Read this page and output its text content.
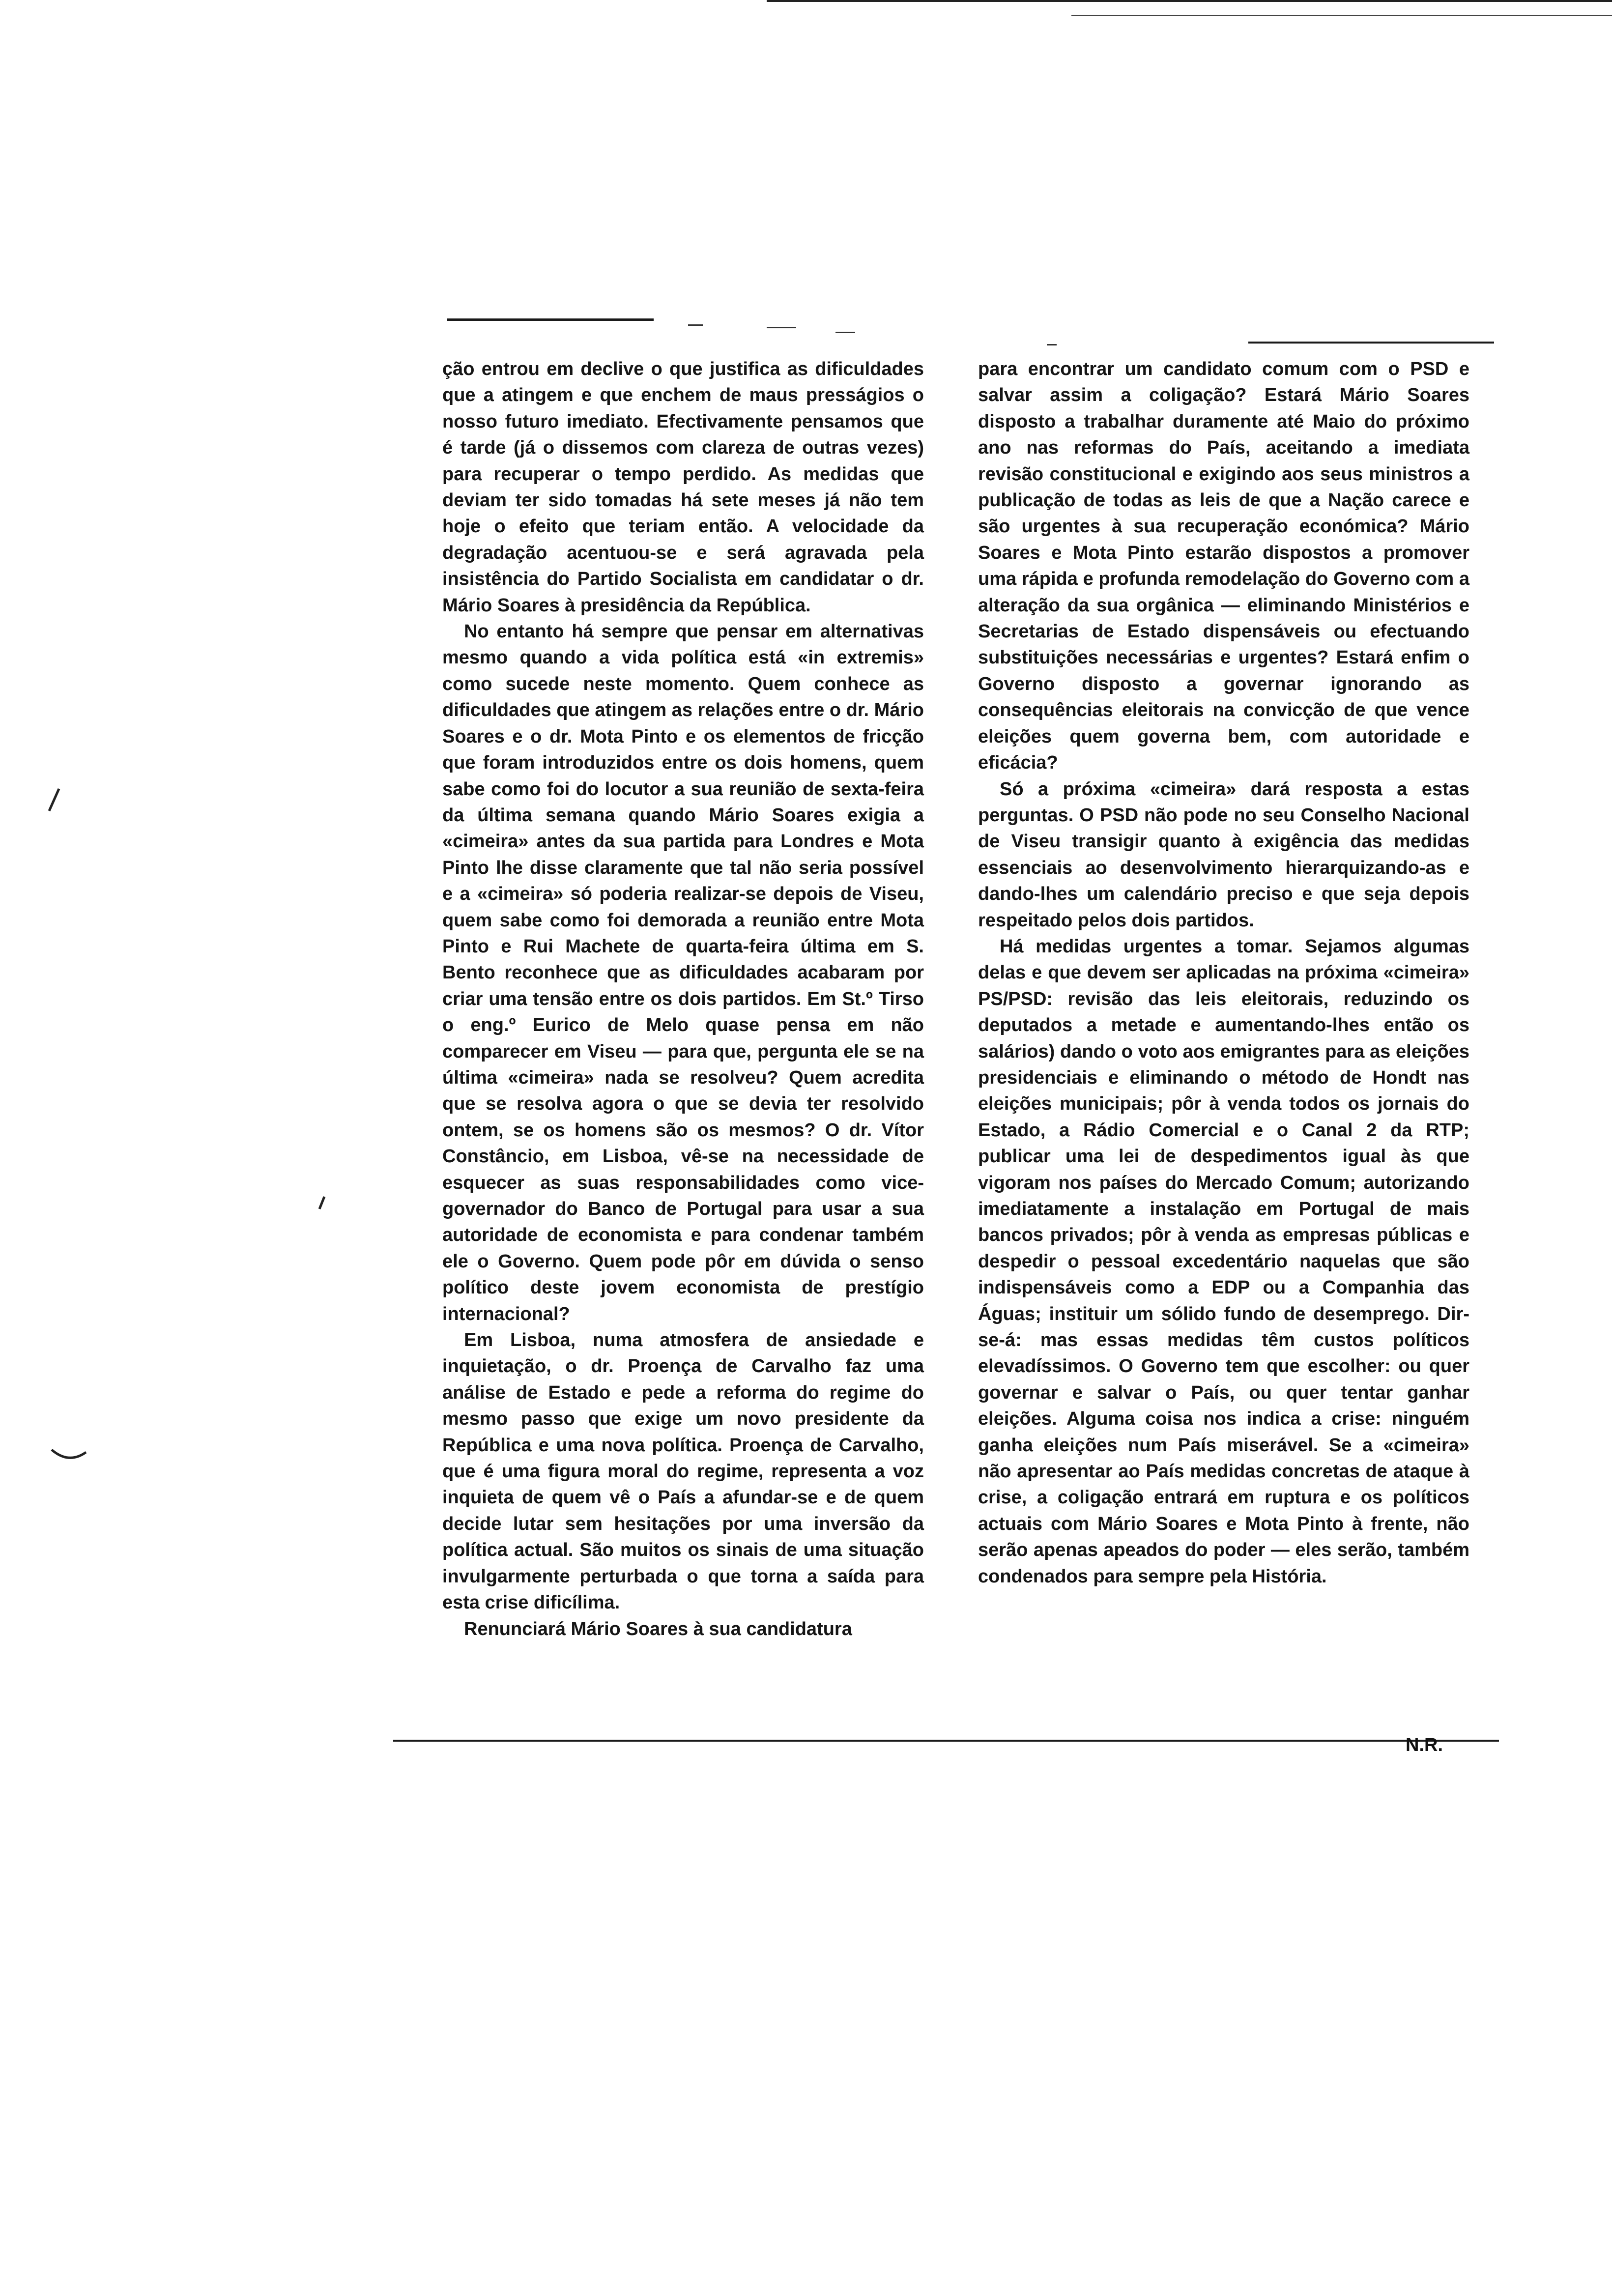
ção entrou em declive o que justifica as dificuldades que a atingem e que enchem de maus presságios o nosso futuro imediato. Efectivamente pensamos que é tarde (já o dissemos com clareza de outras vezes) para recuperar o tempo perdido. As medidas que deviam ter sido tomadas há sete meses já não tem hoje o efeito que teriam então. A velocidade da degradação acentuou-se e será agravada pela insistência do Partido Socialista em candidatar o dr. Mário Soares à presidência da República.

No entanto há sempre que pensar em alternativas mesmo quando a vida política está «in extremis» como sucede neste momento. Quem conhece as dificuldades que atingem as relações entre o dr. Mário Soares e o dr. Mota Pinto e os elementos de fricção que foram introduzidos entre os dois homens, quem sabe como foi do locutor a sua reunião de sexta-feira da última semana quando Mário Soares exigia a «cimeira» antes da sua partida para Londres e Mota Pinto lhe disse claramente que tal não seria possível e a «cimeira» só poderia realizar-se depois de Viseu, quem sabe como foi demorada a reunião entre Mota Pinto e Rui Machete de quarta-feira última em S. Bento reconhece que as dificuldades acabaram por criar uma tensão entre os dois partidos. Em St.º Tirso o eng.º Eurico de Melo quase pensa em não comparecer em Viseu — para que, pergunta ele se na última «cimeira» nada se resolveu? Quem acredita que se resolva agora o que se devia ter resolvido ontem, se os homens são os mesmos? O dr. Vítor Constâncio, em Lisboa, vê-se na necessidade de esquecer as suas responsabilidades como vice-governador do Banco de Portugal para usar a sua autoridade de economista e para condenar também ele o Governo. Quem pode pôr em dúvida o senso político deste jovem economista de prestígio internacional?

Em Lisboa, numa atmosfera de ansiedade e inquietação, o dr. Proença de Carvalho faz uma análise de Estado e pede a reforma do regime do mesmo passo que exige um novo presidente da República e uma nova política. Proença de Carvalho, que é uma figura moral do regime, representa a voz inquieta de quem vê o País a afundar-se e de quem decide lutar sem hesitações por uma inversão da política actual. São muitos os sinais de uma situação invulgarmente perturbada o que torna a saída para esta crise dificílima.

Renunciará Mário Soares à sua candidatura

para encontrar um candidato comum com o PSD e salvar assim a coligação? Estará Mário Soares disposto a trabalhar duramente até Maio do próximo ano nas reformas do País, aceitando a imediata revisão constitucional e exigindo aos seus ministros a publicação de todas as leis de que a Nação carece e são urgentes à sua recuperação económica? Mário Soares e Mota Pinto estarão dispostos a promover uma rápida e profunda remodelação do Governo com a alteração da sua orgânica — eliminando Ministérios e Secretarias de Estado dispensáveis ou efectuando substituições necessárias e urgentes? Estará enfim o Governo disposto a governar ignorando as consequências eleitorais na convicção de que vence eleições quem governa bem, com autoridade e eficácia?

Só a próxima «cimeira» dará resposta a estas perguntas. O PSD não pode no seu Conselho Nacional de Viseu transigir quanto à exigência das medidas essenciais ao desenvolvimento hierarquizando-as e dando-lhes um calendário preciso e que seja depois respeitado pelos dois partidos.

Há medidas urgentes a tomar. Sejamos algumas delas e que devem ser aplicadas na próxima «cimeira» PS/PSD: revisão das leis eleitorais, reduzindo os deputados a metade e aumentando-lhes então os salários) dando o voto aos emigrantes para as eleições presidenciais e eliminando o método de Hondt nas eleições municipais; pôr à venda todos os jornais do Estado, a Rádio Comercial e o Canal 2 da RTP; publicar uma lei de despedimentos igual às que vigoram nos países do Mercado Comum; autorizando imediatamente a instalação em Portugal de mais bancos privados; pôr à venda as empresas públicas e despedir o pessoal excedentário naquelas que são indispensáveis como a EDP ou a Companhia das Águas; instituir um sólido fundo de desemprego. Dir-se-á: mas essas medidas têm custos políticos elevadíssimos. O Governo tem que escolher: ou quer governar e salvar o País, ou quer tentar ganhar eleições. Alguma coisa nos indica a crise: ninguém ganha eleições num País miserável. Se a «cimeira» não apresentar ao País medidas concretas de ataque à crise, a coligação entrará em ruptura e os políticos actuais com Mário Soares e Mota Pinto à frente, não serão apenas apeados do poder — eles serão, também condenados para sempre pela História.

N.R.
